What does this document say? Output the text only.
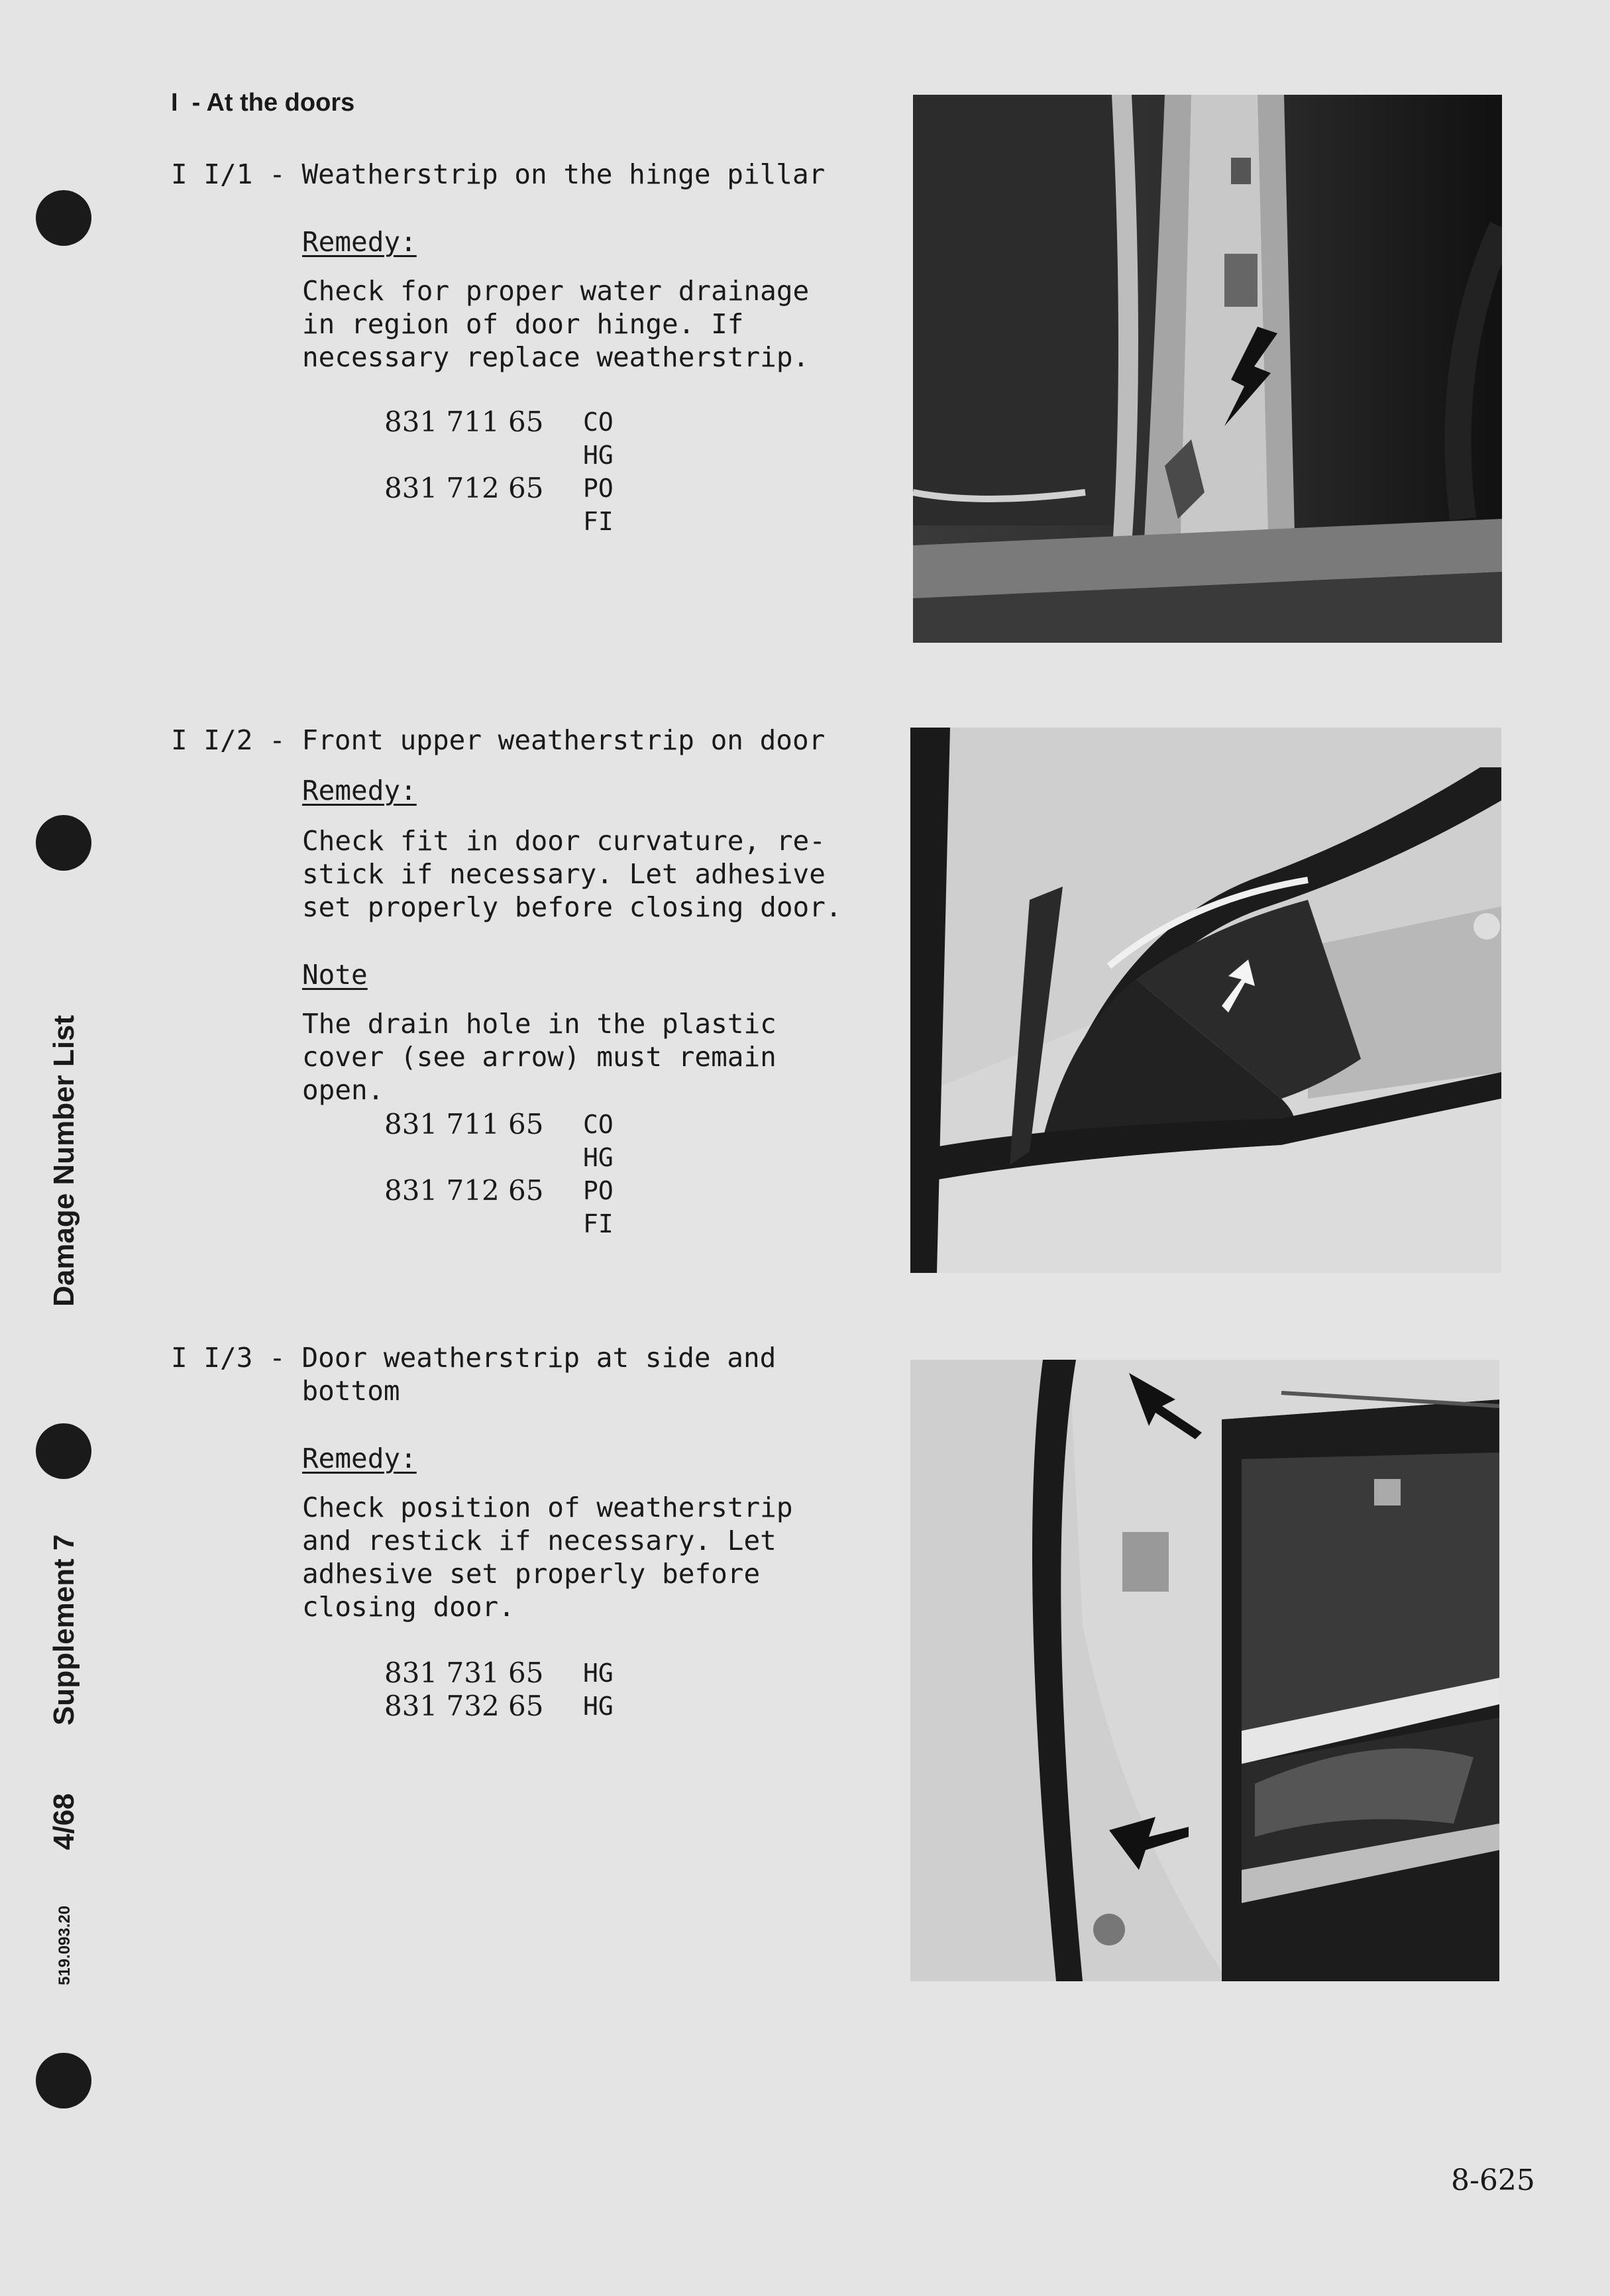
Damage Number List
Supplement 7
4/68
519.093.20
I  - At the doors
I I/1 - Weatherstrip on the hinge pillar
Remedy:
Check for proper water drainage
in region of door hinge. If
necessary replace weatherstrip.
831 711 65	CO
HG
831 712 65	PO
FI
I I/2 - Front upper weatherstrip on door
Remedy:
Check fit in door curvature, re-
stick if necessary. Let adhesive
set properly before closing door.
Note
The drain hole in the plastic
cover (see arrow) must remain
open.
831 711 65	CO
HG
831 712 65	PO
FI
I I/3 - Door weatherstrip at side and
bottom
Remedy:
Check position of weatherstrip
and restick if necessary. Let
adhesive set properly before
closing door.
831 731 65	HG
831 732 65	HG
8-625
